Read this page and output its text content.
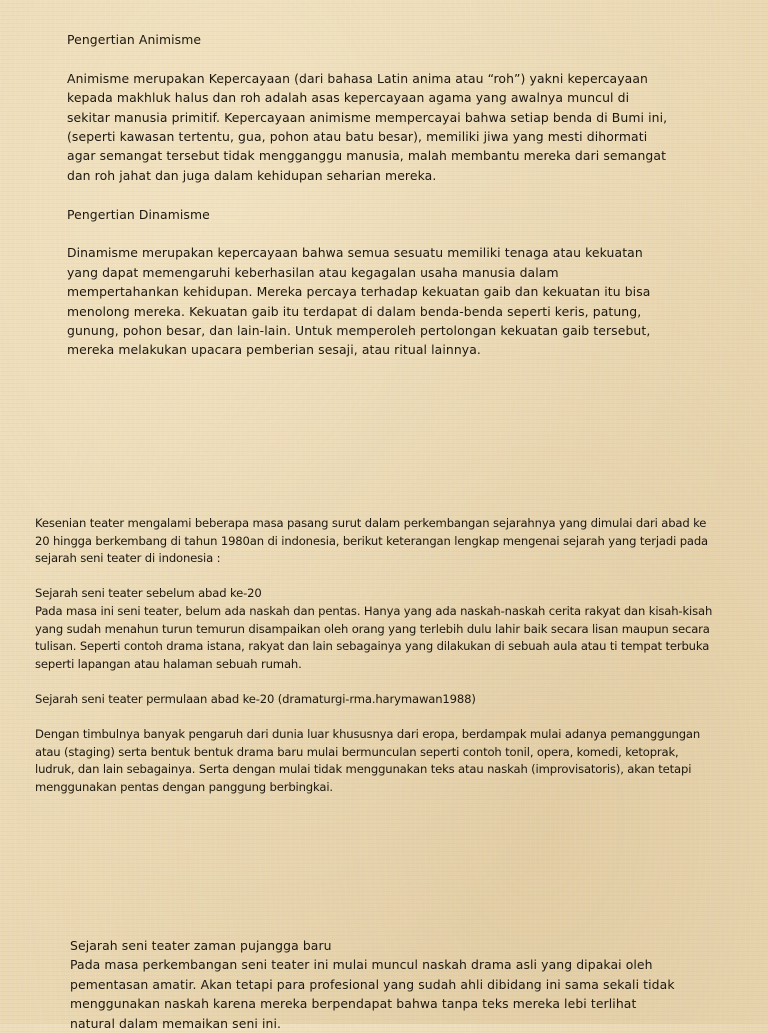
Pengertian Animisme

Animisme merupakan Kepercayaan (dari bahasa Latin anima atau “roh”) yakni kepercayaan

kepada makhluk halus dan roh adalah asas kepercayaan agama yang awalnya muncul di

sekitar manusia primitif. Kepercayaan animisme mempercayai bahwa setiap benda di Bumi ini,

(seperti kawasan tertentu, gua, pohon atau batu besar), memiliki jiwa yang mesti dihormati

agar semangat tersebut tidak mengganggu manusia, malah membantu mereka dari semangat

dan roh jahat dan juga dalam kehidupan seharian mereka.

Pengertian Dinamisme

Dinamisme merupakan kepercayaan bahwa semua sesuatu memiliki tenaga atau kekuatan

yang dapat memengaruhi keberhasilan atau kegagalan usaha manusia dalam

mempertahankan kehidupan. Mereka percaya terhadap kekuatan gaib dan kekuatan itu bisa

menolong mereka. Kekuatan gaib itu terdapat di dalam benda-benda seperti keris, patung,

gunung, pohon besar, dan lain-lain. Untuk memperoleh pertolongan kekuatan gaib tersebut,

mereka melakukan upacara pemberian sesaji, atau ritual lainnya.

Kesenian teater mengalami beberapa masa pasang surut dalam perkembangan sejarahnya yang dimulai dari abad ke

20 hingga berkembang di tahun 1980an di indonesia, berikut keterangan lengkap mengenai sejarah yang terjadi pada

sejarah seni teater di indonesia :

Sejarah seni teater sebelum abad ke-20

Pada masa ini seni teater, belum ada naskah dan pentas. Hanya yang ada naskah-naskah cerita rakyat dan kisah-kisah

yang sudah menahun turun temurun disampaikan oleh orang yang terlebih dulu lahir baik secara lisan maupun secara

tulisan. Seperti contoh drama istana, rakyat dan lain sebagainya yang dilakukan di sebuah aula atau ti tempat terbuka

seperti lapangan atau halaman sebuah rumah.

Sejarah seni teater permulaan abad ke-20 (dramaturgi-rma.harymawan1988)

Dengan timbulnya banyak pengaruh dari dunia luar khususnya dari eropa, berdampak mulai adanya pemanggungan

atau (staging) serta bentuk bentuk drama baru mulai bermunculan seperti contoh tonil, opera, komedi, ketoprak,

ludruk, dan lain sebagainya. Serta dengan mulai tidak menggunakan teks atau naskah (improvisatoris), akan tetapi

menggunakan pentas dengan panggung berbingkai.

Sejarah seni teater zaman pujangga baru

Pada masa perkembangan seni teater ini mulai muncul naskah drama asli yang dipakai oleh

pementasan amatir. Akan tetapi para profesional yang sudah ahli dibidang ini sama sekali tidak

menggunakan naskah karena mereka berpendapat bahwa tanpa teks mereka lebi terlihat

natural dalam memaikan seni ini.
